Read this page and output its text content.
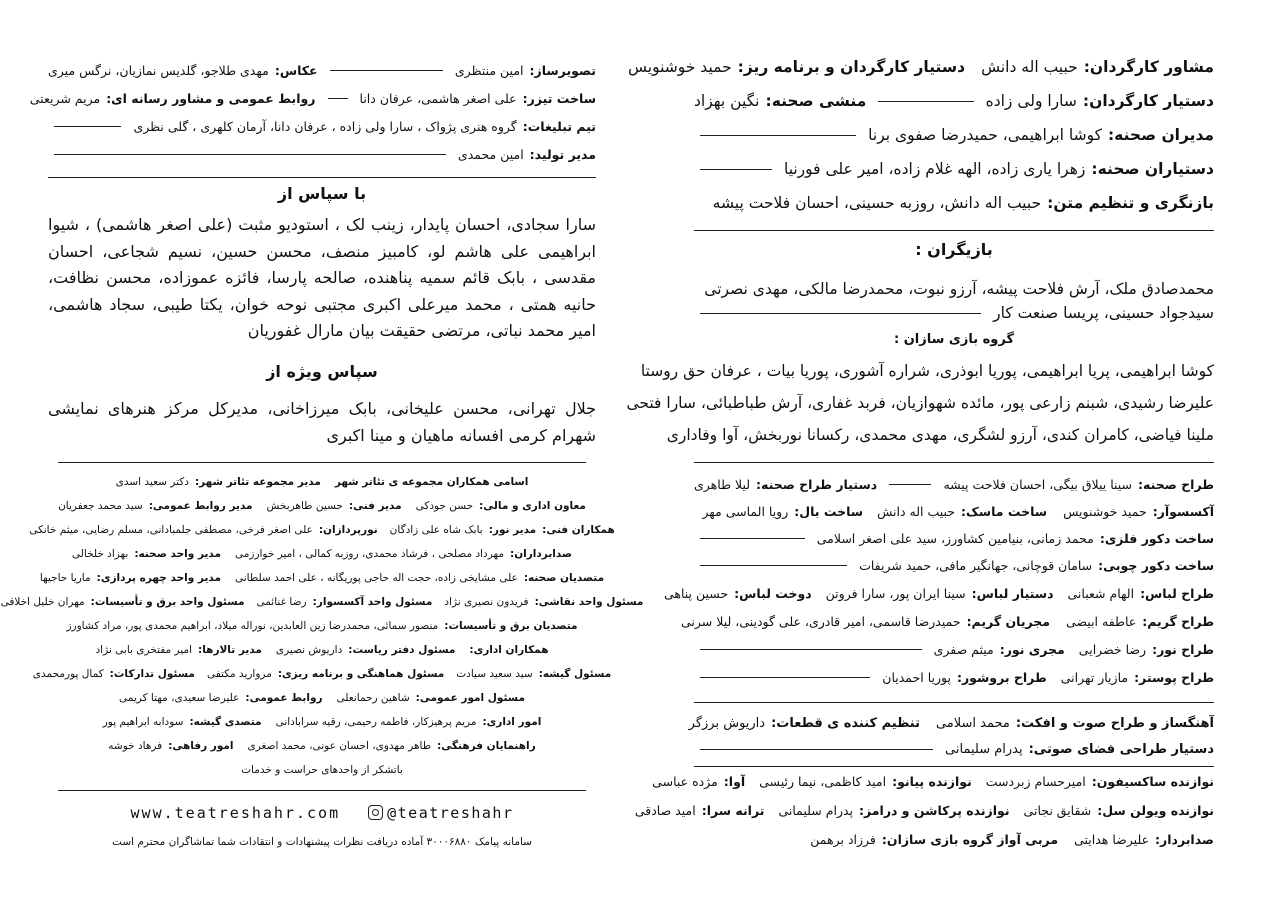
مشاور کارگردان:
حبیب اله دانش
دستیار کارگردان و برنامه ریز:
حمید خوشنویس
دستیار کارگردان:
سارا ولی زاده
منشی صحنه:
نگین بهزاد
مدیران صحنه:
کوشا ابراهیمی، حمیدرضا صفوی برنا
دستیاران صحنه:
زهرا یاری زاده، الهه غلام زاده، امیر علی فورنیا
بازنگری و تنظیم متن:
حبیب اله دانش، روزبه حسینی، احسان فلاحت پیشه
بازیگران :
محمدصادق ملک، آرش فلاحت پیشه، آرزو نبوت، محمدرضا مالکی، مهدی نصرتی
سیدجواد حسینی، پریسا صنعت کار
گروه بازی سازان :
کوشا ابراهیمی، پریا ابراهیمی، پوریا ابوذری، شراره آشوری، پوریا بیات ، عرفان حق روستا
علیرضا رشیدی، شبنم زارعی پور، مائده شهوازیان، فربد غفاری، آرش طباطبائی، سارا فتحی
ملینا فیاضی، کامران کندی، آرزو لشگری، مهدی محمدی، رکسانا نوربخش، آوا وفاداری
طراح صحنه:
سینا ییلاق بیگی، احسان فلاحت پیشه
دستیار طراح صحنه:
لیلا طاهری
آکسسوآر:
حمید خوشنویس
ساخت ماسک:
حبیب اله دانش
ساخت بال:
رویا الماسی مهر
ساخت دکور فلزی:
محمد زمانی، بنیامین کشاورز، سید علی اصغر اسلامی
ساخت دکور چوبی:
سامان قوچانی، جهانگیر مافی، حمید شریفات
طراح لباس:
الهام شعبانی
دستیار لباس:
سینا ایران پور، سارا فروتن
دوخت لباس:
حسین پناهی
طراح گریم:
عاطفه ابیضی
مجریان گریم:
حمیدرضا قاسمی، امیر قادری، علی گودینی، لیلا سرنی
طراح نور:
رضا خضرایی
مجری نور:
میثم صفری
طراح پوستر:
مازیار تهرانی
طراح بروشور:
پوریا احمدیان
آهنگساز و طراح صوت و افکت:
محمد اسلامی
تنظیم کننده ی قطعات:
داریوش برزگر
دستیار طراحی فضای صوتی:
پدرام سلیمانی
نوازنده ساکسیفون:
امیرحسام زبردست
نوازنده پیانو:
امید کاظمی، نیما رئیسی
آوا:
مژده عباسی
نوازنده ویولن سل:
شقایق نجاتی
نوازنده پرکاشن و درامز:
پدرام سلیمانی
ترانه سرا:
امید صادقی
صدابردار:
علیرضا هدایتی
مربی آواز گروه بازی سازان:
فرزاد برهمن
تصویرساز:
امین منتظری
عکاس:
مهدی طلاجو، گلدیس نمازیان، نرگس میری
ساخت تیزر:
علی اصغر هاشمی، عرفان دانا
روابط عمومی و مشاور رسانه ای:
مریم شریعتی
تیم تبلیغات:
گروه هنری پژواک ، سارا ولی زاده ، عرفان دانا، آرمان کلهری ، گلی نظری
مدیر تولید:
امین محمدی
با سپاس از
سارا سجادی، احسان پایدار، زینب لک ، استودیو مثبت (علی اصغر هاشمی) ، شیوا ابراهیمی علی هاشم لو، کامبیز منصف، محسن حسین، نسیم شجاعی، احسان مقدسی ، بابک قائم سمیه پناهنده، صالحه پارسا، فائزه عموزاده، محسن نظافت، حانیه همتی ، محمد میرعلی اکبری مجتبی نوحه خوان، یکتا طیبی، سجاد هاشمی، امیر محمد نباتی، مرتضی حقیقت بیان مارال غفوریان
سپاس ویژه از
جلال تهرانی، محسن علیخانی، بابک میرزاخانی، مدیرکل مرکز هنرهای نمایشی شهرام کرمی افسانه ماهیان و مینا اکبری
اسامی همکاران مجموعه ی تئاتر شهر
مدیر مجموعه تئاتر شهر:
دکتر سعید اسدی
معاون اداری و مالی:
حسن جودکی
مدیر فنی:
حسین طاهربخش
مدیر روابط عمومی:
سید محمد جعفریان
همکاران فنی:
مدیر نور:
بابک شاه علی زادگان
نورپردازان:
علی اصغر فرخی، مصطفی جلمبادانی، مسلم رضایی، میثم خانکی
صدابرداران:
مهرداد مصلحی ، فرشاد محمدی، روزبه کمالی ، امیر خوارزمی
مدیر واحد صحنه:
بهزاد خلخالی
متصدیان صحنه:
علی مشایخی زاده، حجت اله حاجی پوریگانه ، علی احمد سلطانی
مدیر واحد چهره پردازی:
ماریا حاجیها
مسئول واحد نقاشی:
فریدون نصیری نژاد
مسئول واحد آکسسوار:
رضا غنائمی
مسئول واحد برق و تأسیسات:
مهران خلیل اخلاقی
متصدیان برق و تأسیسات:
منصور سمائی، محمدرضا زین العابدین، نوراله میلاد، ابراهیم محمدی پور، مراد کشاورز
همکاران اداری:
مسئول دفتر ریاست:
داریوش نصیری
مدیر تالارها:
امیر مفتخری بابی نژاد
مسئول گیشه:
سید سعید سیادت
مسئول هماهنگی و برنامه ریزی:
مروارید مکتفی
مسئول تدارکات:
کمال پورمحمدی
مسئول امور عمومی:
شاهین رحمانعلی
روابط عمومی:
علیرضا سعیدی، مهتا کریمی
امور اداری:
مریم پرهیزکار، فاطمه رحیمی، رقیه سرابادانی
متصدی گیشه:
سودابه ابراهیم پور
راهنمایان فرهنگی:
طاهر مهدوی، احسان عونی، محمد اصغری
امور رفاهی:
فرهاد خوشه
باتشکر از واحدهای حراست و خدمات
www.teatreshahr.com	@teatreshahr
سامانه پیامک ۳۰۰۰۶۸۸۰ آماده دریافت نظرات پیشنهادات و انتقادات شما تماشاگران محترم است
